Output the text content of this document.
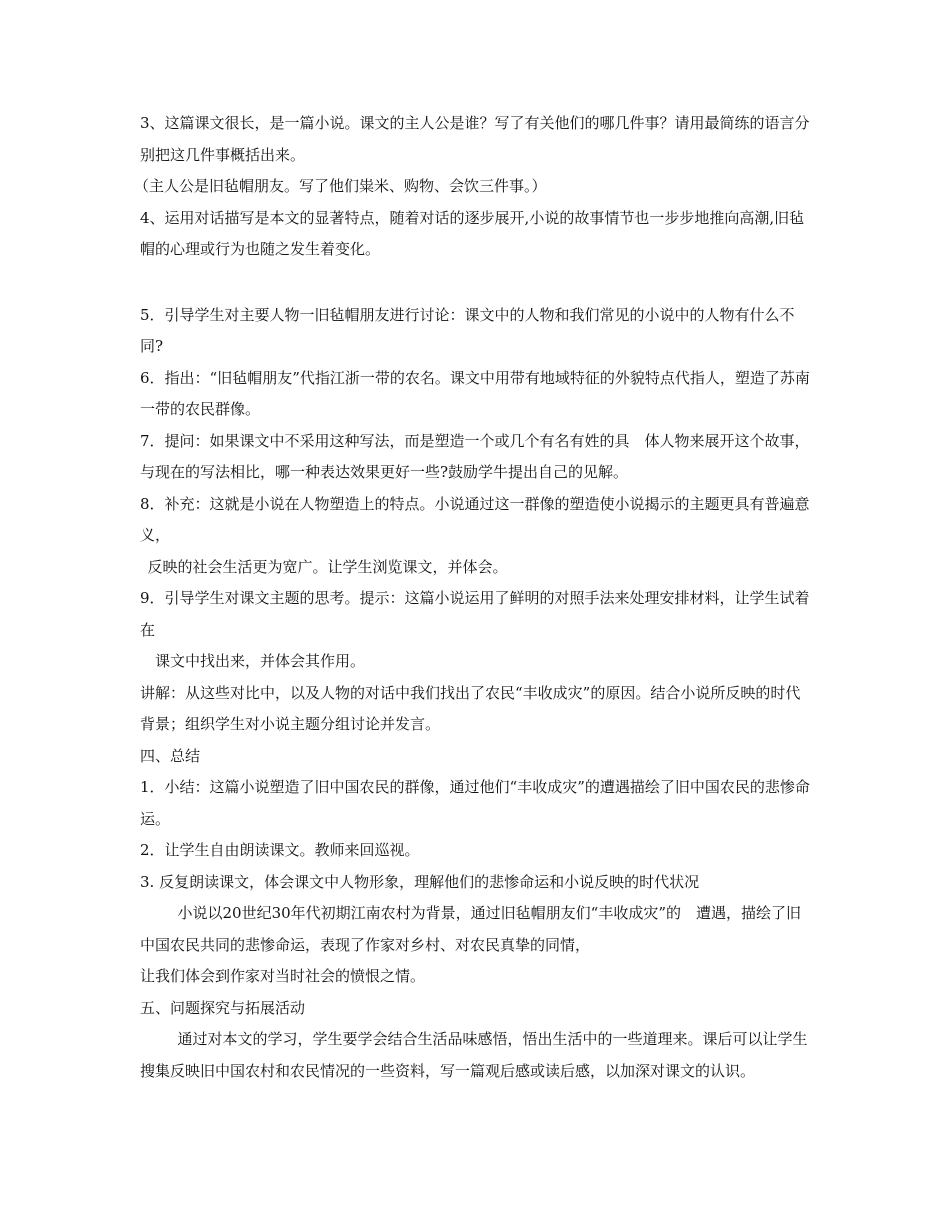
3、这篇课文很长，是一篇小说。课文的主人公是谁？写了有关他们的哪几件事？请用最简练的语言分别把这几件事概括出来。

（主人公是旧毡帽朋友。写了他们粜米、购物、会饮三件事。）

4、运用对话描写是本文的显著特点，随着对话的逐步展开,小说的故事情节也一步步地推向高潮,旧毡帽的心理或行为也随之发生着变化。

5．引导学生对主要人物一旧毡帽朋友进行讨论：课文中的人物和我们常见的小说中的人物有什么不同?

6．指出：“旧毡帽朋友”代指江浙一带的农名。课文中用带有地域特征的外貌特点代指人，塑造了苏南一带的农民群像。

7．提问：如果课文中不采用这种写法，而是塑造一个或几个有名有姓的具　体人物来展开这个故事，与现在的写法相比，哪一种表达效果更好一些?鼓励学牛提出自己的见解。

8．补充：这就是小说在人物塑造上的特点。小说通过这一群像的塑造使小说揭示的主题更具有普遍意义，

反映的社会生活更为宽广。让学生浏览课文，并体会。

9．引导学生对课文主题的思考。提示：这篇小说运用了鲜明的对照手法来处理安排材料，让学生试着在

课文中找出来，并体会其作用。

讲解：从这些对比中，以及人物的对话中我们找出了农民“丰收成灾”的原因。结合小说所反映的时代背景；组织学生对小说主题分组讨论并发言。

四、总结

1．小结：这篇小说塑造了旧中国农民的群像，通过他们“丰收成灾”的遭遇描绘了旧中国农民的悲惨命运。

2．让学生自由朗读课文。教师来回巡视。

3. 反复朗读课文，体会课文中人物形象，理解他们的悲惨命运和小说反映的时代状况

小说以20世纪30年代初期江南农村为背景，通过旧毡帽朋友们“丰收成灾”的　遭遇，描绘了旧中国农民共同的悲惨命运，表现了作家对乡村、对农民真挚的同情，

让我们体会到作家对当时社会的愤恨之情。

五、问题探究与拓展活动

通过对本文的学习，学生要学会结合生活品味感悟，悟出生活中的一些道理来。课后可以让学生搜集反映旧中国农村和农民情况的一些资料，写一篇观后感或读后感，以加深对课文的认识。
